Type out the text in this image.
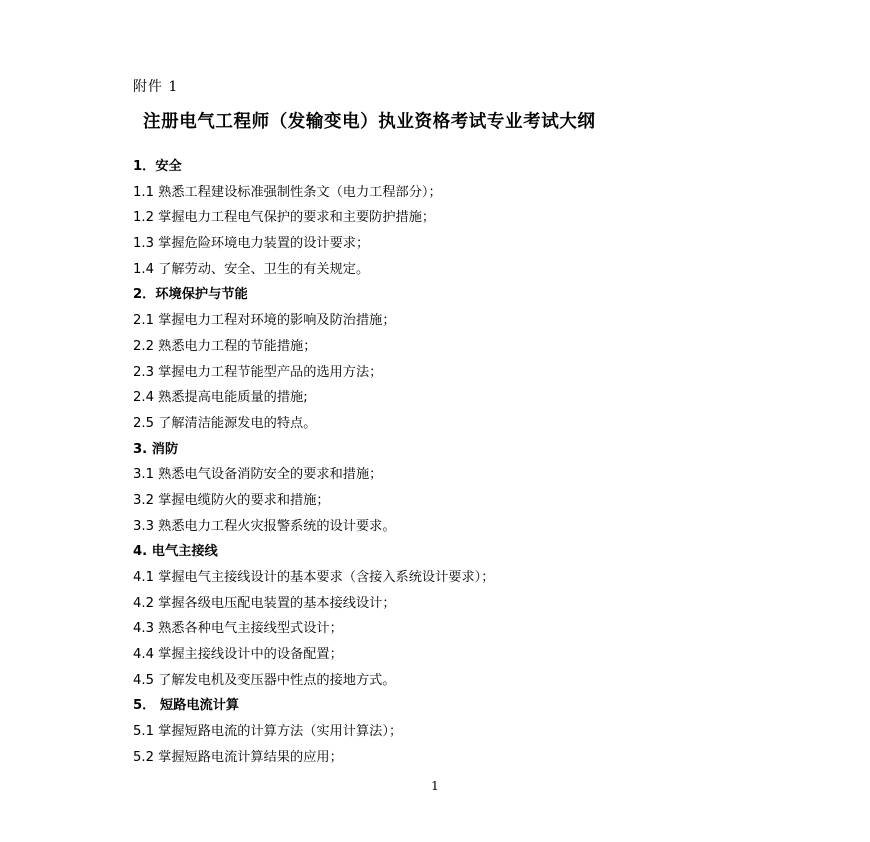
附件 1
注册电气工程师（发输变电）执业资格考试专业考试大纲
1．安全
1.1 熟悉工程建设标准强制性条文（电力工程部分）；
1.2 掌握电力工程电气保护的要求和主要防护措施；
1.3 掌握危险环境电力装置的设计要求；
1.4 了解劳动、安全、卫生的有关规定。
2．环境保护与节能
2.1 掌握电力工程对环境的影响及防治措施；
2.2 熟悉电力工程的节能措施；
2.3 掌握电力工程节能型产品的选用方法；
2.4 熟悉提高电能质量的措施;
2.5 了解清洁能源发电的特点。
3. 消防
3.1 熟悉电气设备消防安全的要求和措施；
3.2 掌握电缆防火的要求和措施；
3.3 熟悉电力工程火灾报警系统的设计要求。
4. 电气主接线
4.1 掌握电气主接线设计的基本要求（含接入系统设计要求）；
4.2 掌握各级电压配电装置的基本接线设计；
4.3 熟悉各种电气主接线型式设计；
4.4 掌握主接线设计中的设备配置；
4.5 了解发电机及变压器中性点的接地方式。
5． 短路电流计算
5.1 掌握短路电流的计算方法（实用计算法）；
5.2 掌握短路电流计算结果的应用；
1
